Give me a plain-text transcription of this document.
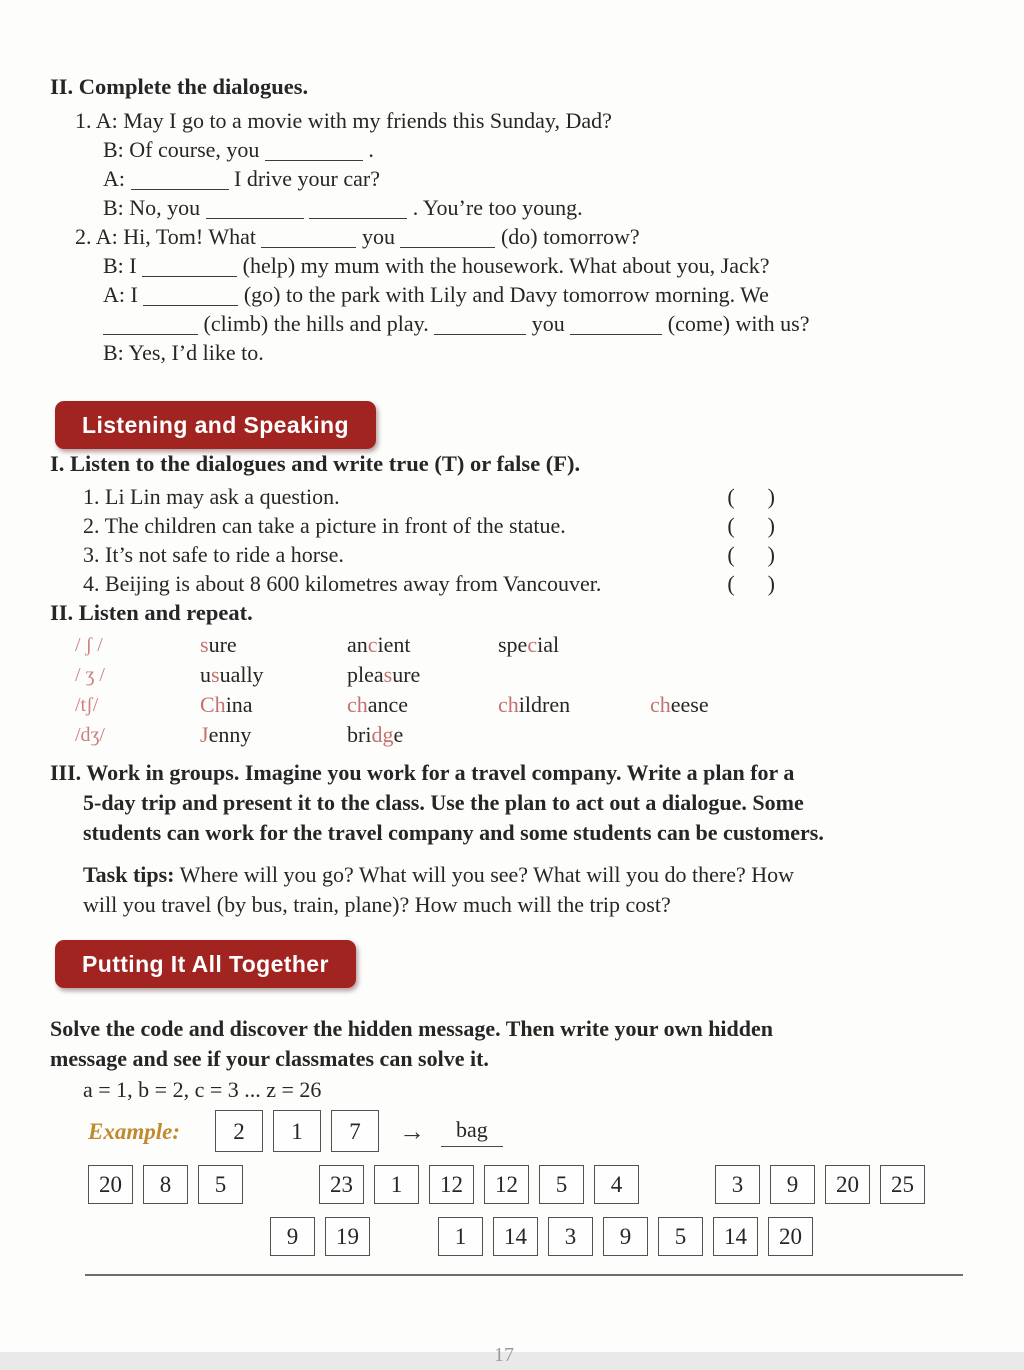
II. Complete the dialogues.
1. A: May I go to a movie with my friends this Sunday, Dad?
B: Of course, you	.
A:	I drive your car?
B: No, you	. You’re too young.
2. A: Hi, Tom! What	you	(do) tomorrow?
B: I	(help) my mum with the housework. What about you, Jack?
A: I	(go) to the park with Lily and Davy tomorrow morning. We
(climb) the hills and play.	you	(come) with us?
B: Yes, I’d like to.
Listening and Speaking
I. Listen to the dialogues and write true (T) or false (F).
1. Li Lin may ask a question.	(      )
2. The children can take a picture in front of the statue.	(      )
3. It’s not safe to ride a horse.	(      )
4. Beijing is about 8 600 kilometres away from Vancouver.	(      )
II. Listen and repeat.
/ ʃ /	sure	ancient	special
/ ʒ /	usually	pleasure
/tʃ/	China	chance	children	cheese
/dʒ/	Jenny	bridge
III. Work in groups. Imagine you work for a travel company. Write a plan for a
5-day trip and present it to the class. Use the plan to act out a dialogue. Some
students can work for the travel company and some students can be customers.
Task tips: Where will you go? What will you see? What will you do there? How
will you travel (by bus, train, plane)? How much will the trip cost?
Putting It All Together
Solve the code and discover the hidden message. Then write your own hidden
message and see if your classmates can solve it.
a = 1, b = 2, c = 3 ... z = 26
Example:	2	1	7	→	bag
20	8	5	23	1	12	12	5	4	3	9	20	25
9	19	1	14	3	9	5	14	20
17
